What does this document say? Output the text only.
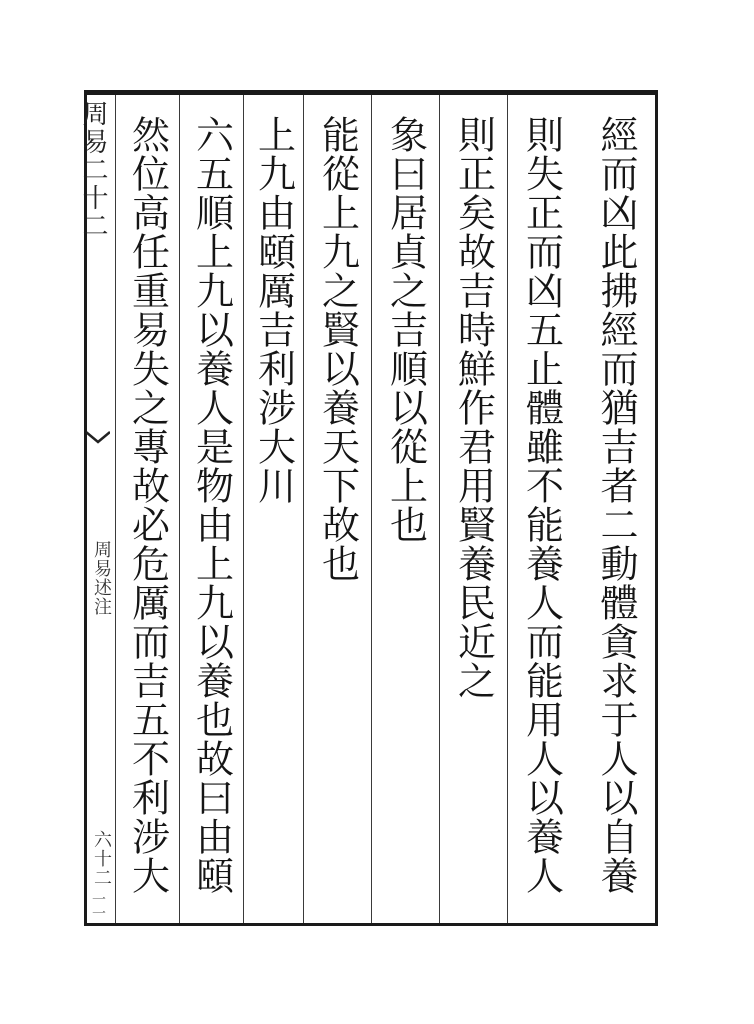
經而凶此拂經而猶吉者二動體貪求于人以自養
則失正而凶五止體雖不能養人而能用人以養人
則正矣故吉時鮮作君用賢養民近之
象曰居貞之吉順以從上也
能從上九之賢以養天下故也
上九由頤厲吉利涉大川
六五順上九以養人是物由上九以養也故曰由頤
然位高任重易失之專故必危厲而吉五不利涉大
周易二十二
周易述注
六十二
一一
